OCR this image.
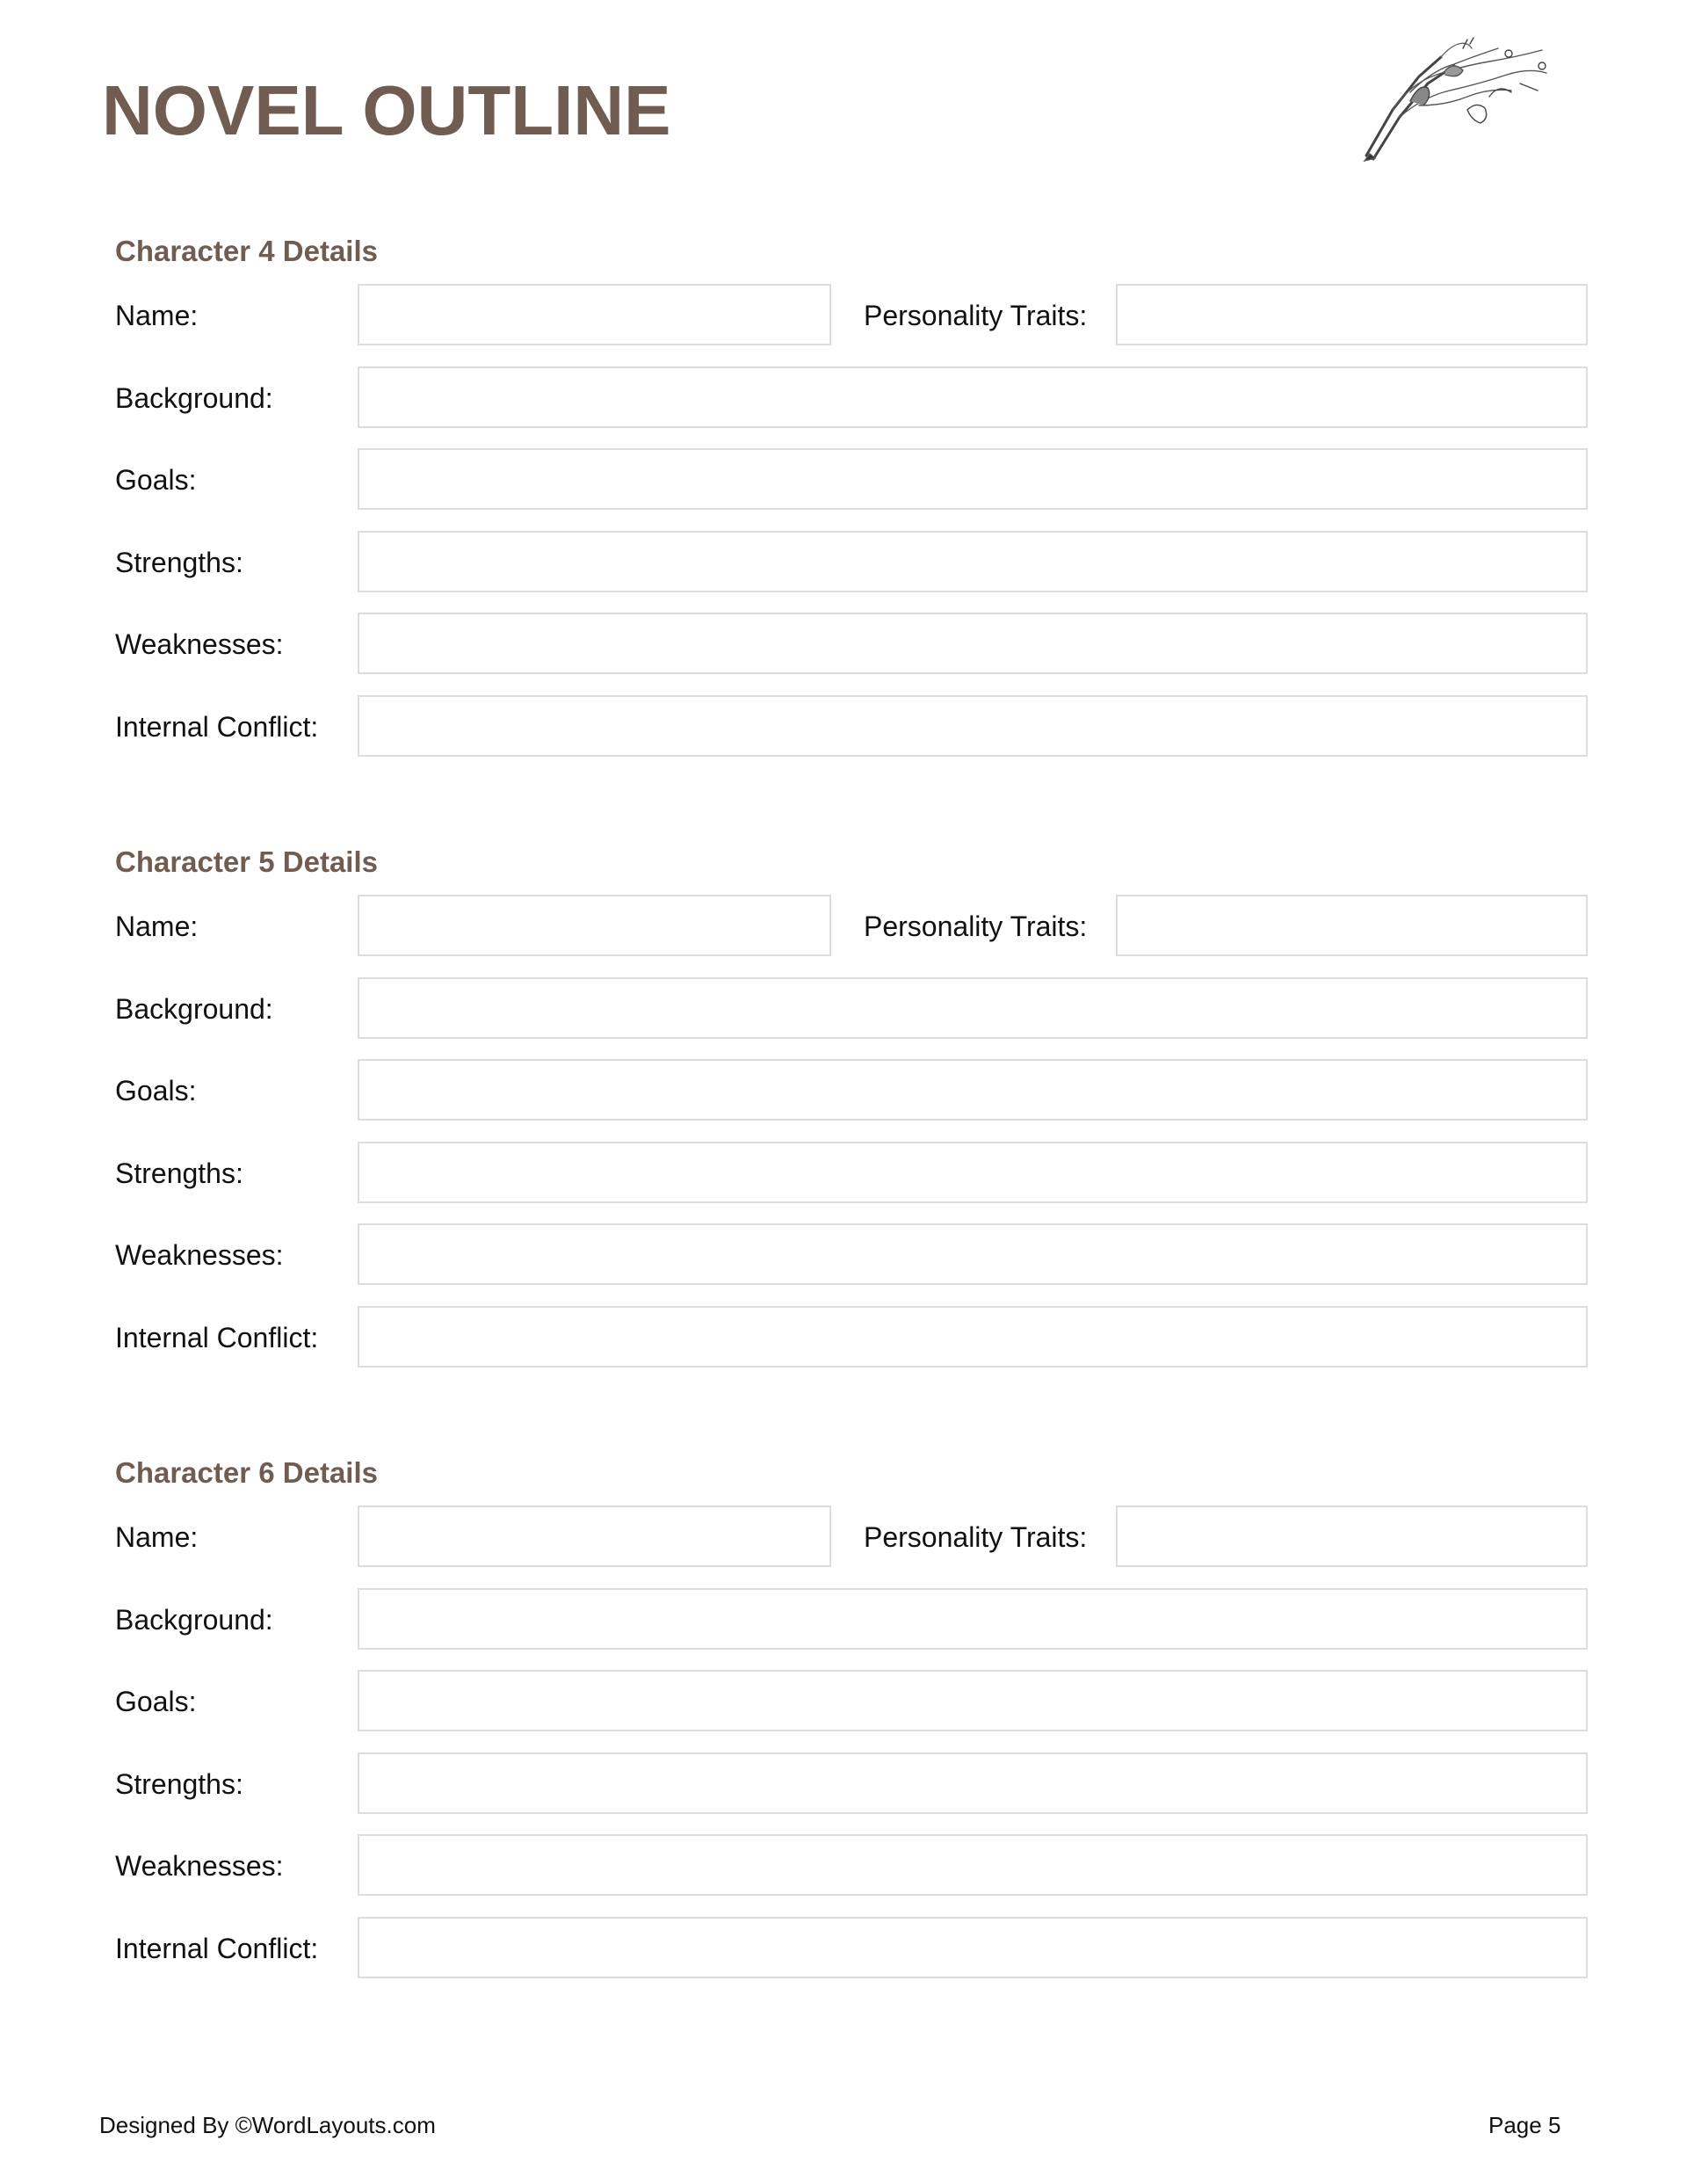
NOVEL OUTLINE
Character 4 Details
Name:	Personality Traits:
Background:
Goals:
Strengths:
Weaknesses:
Internal Conflict:
Character 5 Details
Name:	Personality Traits:
Background:
Goals:
Strengths:
Weaknesses:
Internal Conflict:
Character 6 Details
Name:	Personality Traits:
Background:
Goals:
Strengths:
Weaknesses:
Internal Conflict:
Designed By ©WordLayouts.com	Page 5
